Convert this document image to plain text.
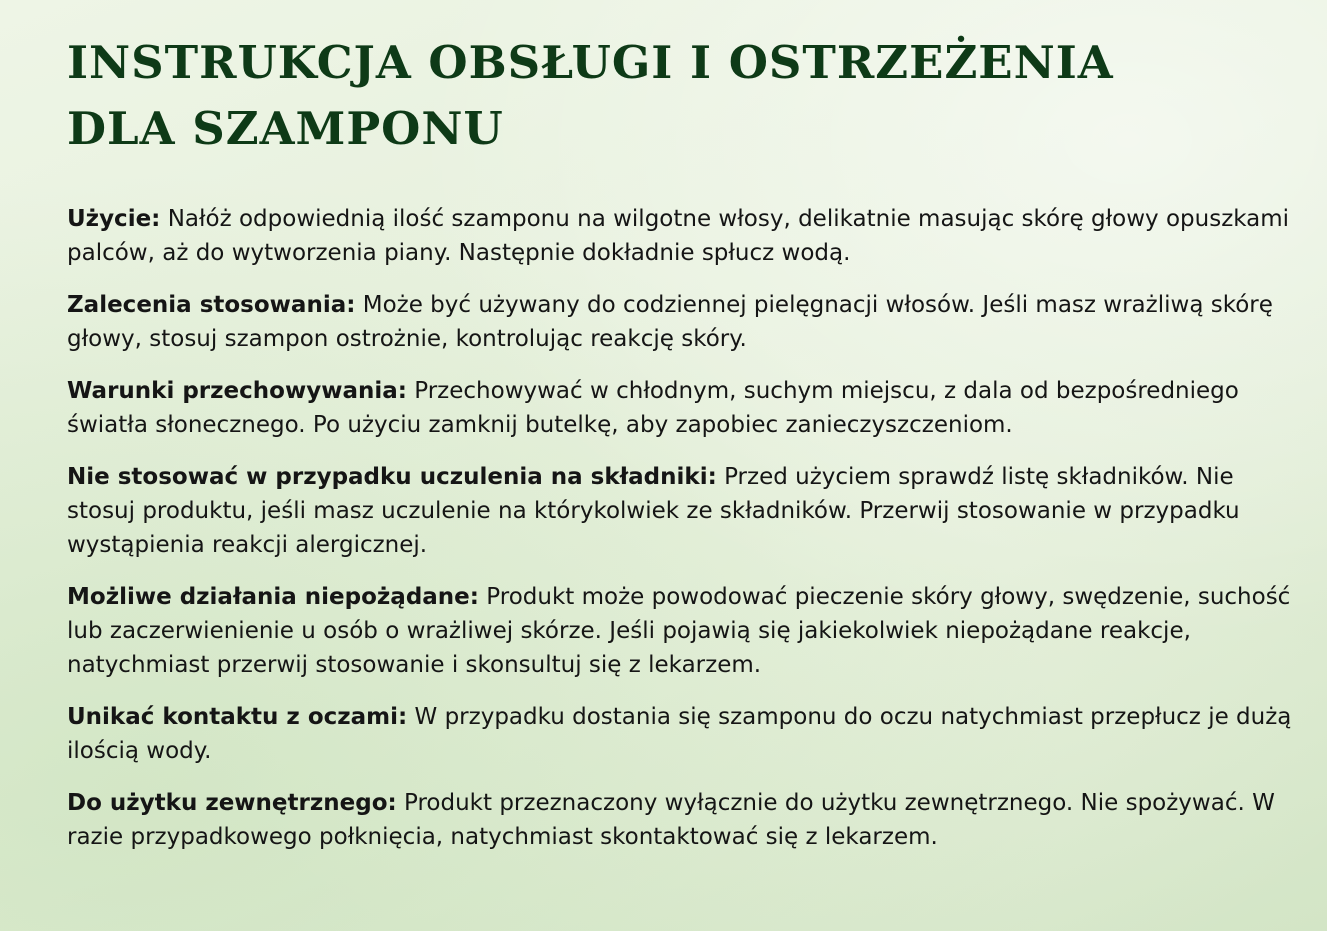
INSTRUKCJA OBSŁUGI I OSTRZEŻENIA
DLA SZAMPONU

Użycie: Nałóż odpowiednią ilość szamponu na wilgotne włosy, delikatnie masując skórę głowy opuszkami palców, aż do wytworzenia piany. Następnie dokładnie spłucz wodą.

Zalecenia stosowania: Może być używany do codziennej pielęgnacji włosów. Jeśli masz wrażliwą skórę głowy, stosuj szampon ostrożnie, kontrolując reakcję skóry.

Warunki przechowywania: Przechowywać w chłodnym, suchym miejscu, z dala od bezpośredniego światła słonecznego. Po użyciu zamknij butelkę, aby zapobiec zanieczyszczeniom.

Nie stosować w przypadku uczulenia na składniki: Przed użyciem sprawdź listę składników. Nie stosuj produktu, jeśli masz uczulenie na którykolwiek ze składników. Przerwij stosowanie w przypadku wystąpienia reakcji alergicznej.

Możliwe działania niepożądane: Produkt może powodować pieczenie skóry głowy, swędzenie, suchość lub zaczerwienienie u osób o wrażliwej skórze. Jeśli pojawią się jakiekolwiek niepożądane reakcje, natychmiast przerwij stosowanie i skonsultuj się z lekarzem.

Unikać kontaktu z oczami: W przypadku dostania się szamponu do oczu natychmiast przepłucz je dużą ilością wody.

Do użytku zewnętrznego: Produkt przeznaczony wyłącznie do użytku zewnętrznego. Nie spożywać. W razie przypadkowego połknięcia, natychmiast skontaktować się z lekarzem.
